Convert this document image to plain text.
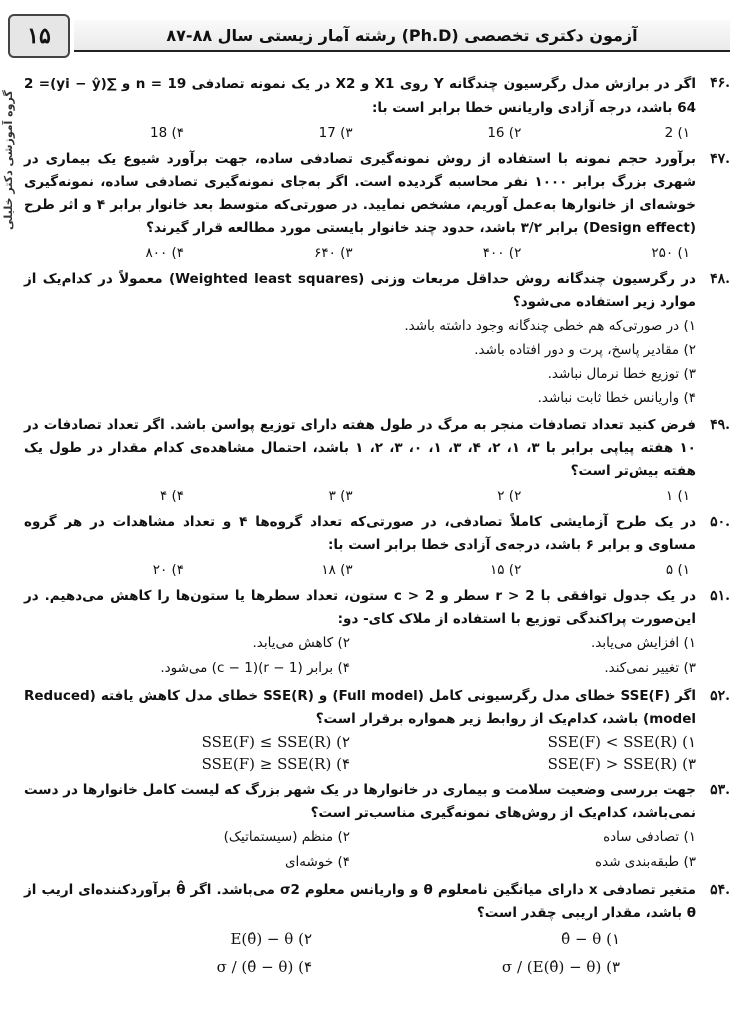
۱۵	آزمون دکتری تخصصی (Ph.D) رشته آمار زیستی سال ۸۸-۸۷
گروه آموزشی دکتر خلیلی
.۴۶
اگر در برازش مدل رگرسیون چندگانه Y روی X1 و X2 در یک نمونه تصادفی n = 19 و ∑(yi − ŷ)2 = 64 باشد، درجه آزادی واریانس خطا برابر است با:
۱) 2
۲) 16
۳) 17
۴) 18
.۴۷
برآورد حجم نمونه با استفاده از روش نمونه‌گیری تصادفی ساده، جهت برآورد شیوع یک بیماری در شهری بزرگ برابر ۱۰۰۰ نفر محاسبه گردیده است. اگر به‌جای نمونه‌گیری تصادفی ساده، نمونه‌گیری خوشه‌ای از خانوارها به‌عمل آوریم، مشخص نمایید. در صورتی‌که متوسط بعد خانوار برابر ۴ و اثر طرح (Design effect) برابر ۳/۲ باشد، حدود چند خانوار بایستی مورد مطالعه قرار گیرند؟
۱) ۲۵۰
۲) ۴۰۰
۳) ۶۴۰
۴) ۸۰۰
.۴۸
در رگرسیون چندگانه روش حداقل مربعات وزنی (Weighted least squares) معمولاً در کدام‌یک از موارد زیر استفاده می‌شود؟
۱) در صورتی‌که هم خطی چندگانه وجود داشته باشد.
۲) مقادیر پاسخ، پرت و دور افتاده باشد.
۳) توزیع خطا نرمال نباشد.
۴) واریانس خطا ثابت نباشد.
.۴۹
فرض کنید تعداد تصادفات منجر به مرگ در طول هفته دارای توزیع پواسن باشد. اگر تعداد تصادفات در ۱۰ هفته پیاپی برابر با ۳، ۱، ۲، ۴، ۳، ۱، ۰، ۳، ۲، ۱ باشد، احتمال مشاهده‌ی کدام مقدار در طول یک هفته بیش‌تر است؟
۱) ۱
۲) ۲
۳) ۳
۴) ۴
.۵۰
در یک طرح آزمایشی کاملاً تصادفی، در صورتی‌که تعداد گروه‌ها ۴ و تعداد مشاهدات در هر گروه مساوی و برابر ۶ باشد، درجه‌ی آزادی خطا برابر است با:
۱) ۵
۲) ۱۵
۳) ۱۸
۴) ۲۰
.۵۱
در یک جدول توافقی با r > 2 سطر و c > 2 ستون، تعداد سطرها یا ستون‌ها را کاهش می‌دهیم. در این‌صورت پراکندگی توزیع با استفاده از ملاک کای- دو:
۱) افزایش می‌یابد.
۲) کاهش می‌یابد.
۳) تغییر نمی‌کند.
۴) برابر (r − 1)(c − 1) می‌شود.
.۵۲
اگر SSE(F) خطای مدل رگرسیونی کامل (Full model) و SSE(R) خطای مدل کاهش یافته (Reduced model) باشد، کدام‌یک از روابط زیر همواره برقرار است؟
۱) SSE(F) < SSE(R)
۲) SSE(F) ≤ SSE(R)
۳) SSE(F) > SSE(R)
۴) SSE(F) ≥ SSE(R)
.۵۳
جهت بررسی وضعیت سلامت و بیماری در خانوارها در یک شهر بزرگ که لیست کامل خانوارها در دست نمی‌باشد، کدام‌یک از روش‌های نمونه‌گیری مناسب‌تر است؟
۱) تصادفی ساده
۲) منظم (سیستماتیک)
۳) طبقه‌بندی شده
۴) خوشه‌ای
.۵۴
متغیر تصادفی x دارای میانگین نامعلوم θ و واریانس معلوم σ2 می‌باشد. اگر θ̂ برآوردکننده‌ای اریب از θ باشد، مقدار اریبی چقدر است؟
۱) θ̂ − θ
۲) E(θ̂) − θ
۳) (E(θ̂) − θ) / σ
۴) (θ̂ − θ) / σ
